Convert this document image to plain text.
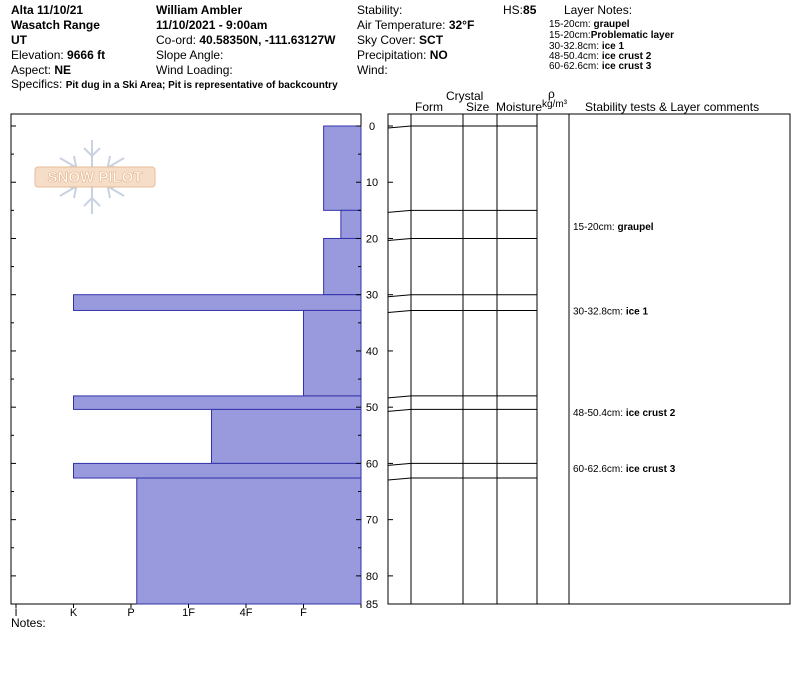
Alta 11/10/21
Wasatch Range
UT
Elevation: 9666 ft
Aspect: NE
Specifics: Pit dug in a Ski Area; Pit is representative of backcountry
William Ambler
11/10/2021 - 9:00am
Co-ord: 40.58350N, -111.63127W
Slope Angle:
Wind Loading:
Stability:
Air Temperature: 32°F
Sky Cover: SCT
Precipitation: NO
Wind:
HS:85 Layer Notes:
15-20cm: graupel
15-20cm:Problematic layer
30-32.8cm: ice 1
48-50.4cm: ice crust 2
60-62.6cm: ice crust 3
Crystal
Form Size Moisture
ρ
kg/m³ Stability tests & Layer comments
Notes:
SNOW PILOT
I	K	P	1F	4F	F
0
10
20
30
40
50
60
70
80
85
15-20cm: graupel
30-32.8cm: ice 1
48-50.4cm: ice crust 2
60-62.6cm: ice crust 3
